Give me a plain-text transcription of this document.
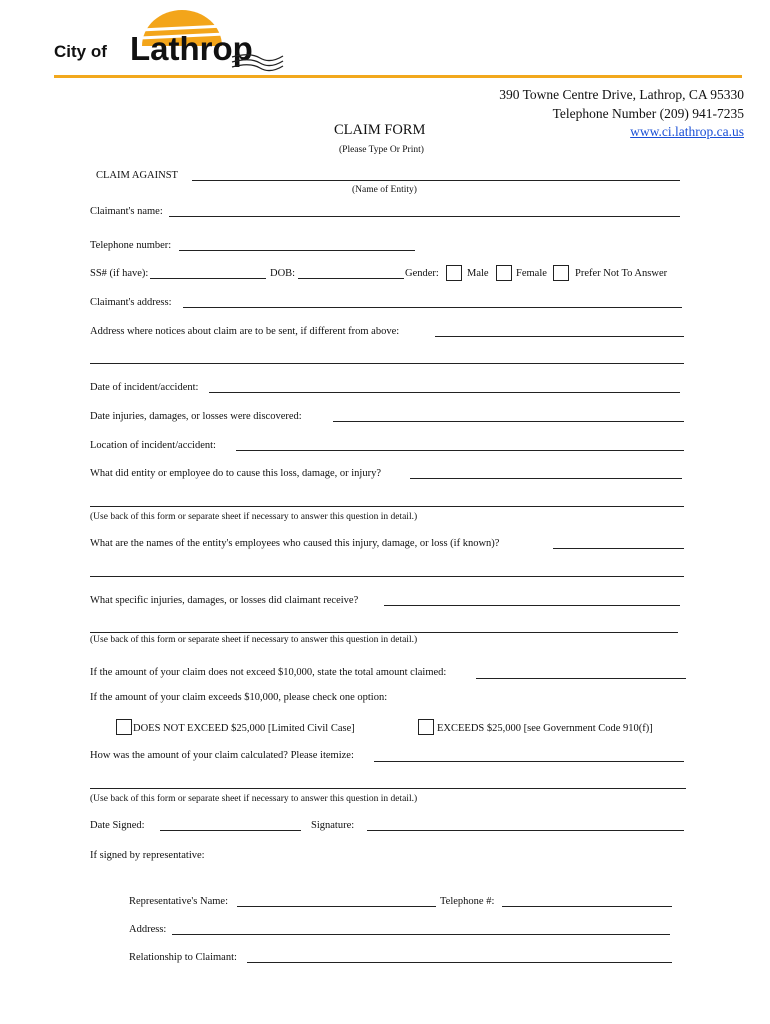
City of Lathrop
390 Towne Centre Drive, Lathrop, CA 95330
Telephone Number (209) 941-7235
www.ci.lathrop.ca.us
CLAIM FORM
(Please Type Or Print)
CLAIM AGAINST
(Name of Entity)
Claimant's name:
Telephone number:
SS# (if have):	DOB:	Gender:	Male	Female	Prefer Not To Answer
Claimant's address:
Address where notices about claim are to be sent, if different from above:
Date of incident/accident:
Date injuries, damages, or losses were discovered:
Location of incident/accident:
What did entity or employee do to cause this loss, damage, or injury?
(Use back of this form or separate sheet if necessary to answer this question in detail.)
What are the names of the entity's employees who caused this injury, damage, or loss (if known)?
What specific injuries, damages, or losses did claimant receive?
(Use back of this form or separate sheet if necessary to answer this question in detail.)
If the amount of your claim does not exceed $10,000, state the total amount claimed:
If the amount of your claim exceeds $10,000, please check one option:
DOES NOT EXCEED $25,000 [Limited Civil Case]	EXCEEDS $25,000 [see Government Code 910(f)]
How was the amount of your claim calculated? Please itemize:
(Use back of this form or separate sheet if necessary to answer this question in detail.)
Date Signed:	Signature:
If signed by representative:
Representative's Name:	Telephone #:
Address:
Relationship to Claimant:
